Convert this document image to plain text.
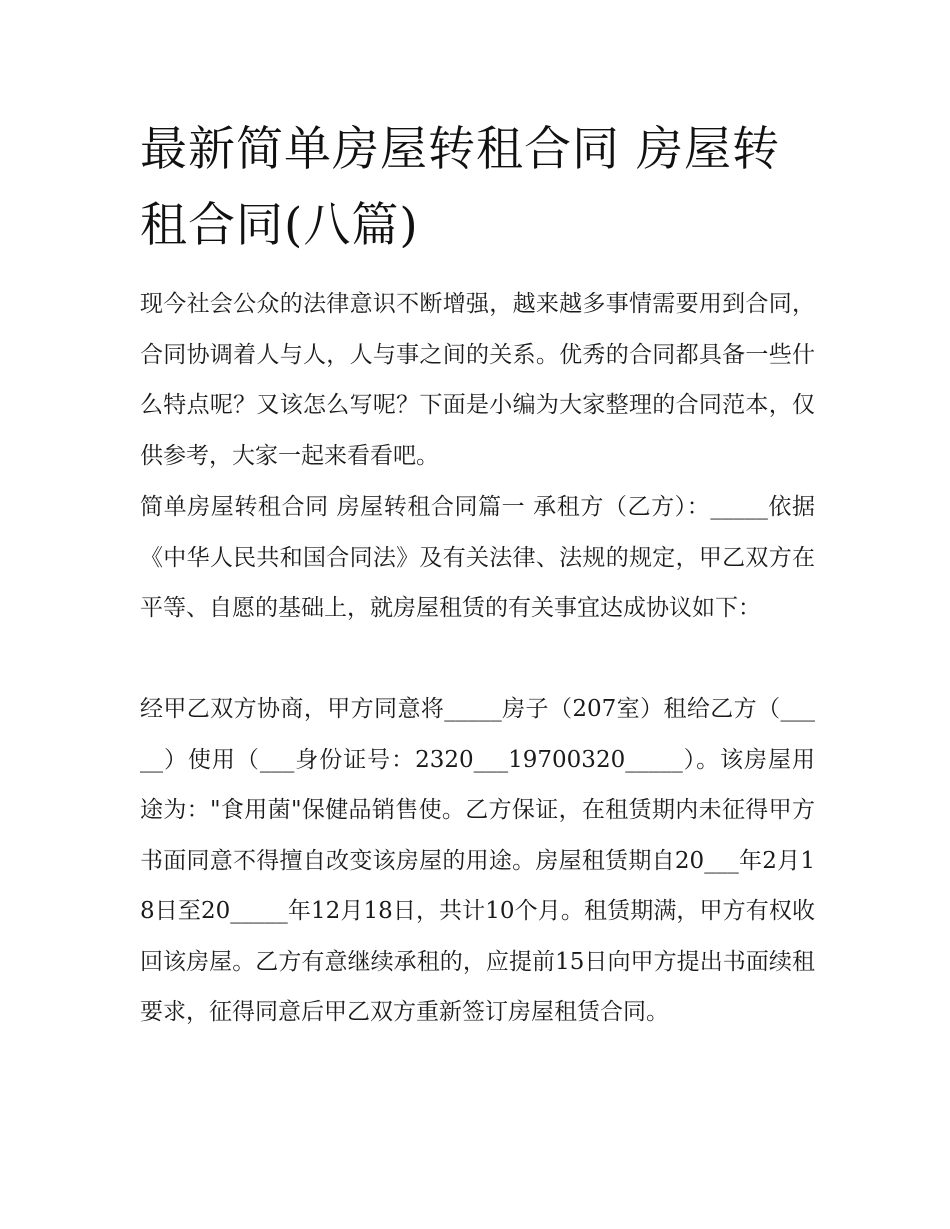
最新简单房屋转租合同 房屋转租合同(八篇)

现今社会公众的法律意识不断增强，越来越多事情需要用到合同，合同协调着人与人，人与事之间的关系。优秀的合同都具备一些什么特点呢？又该怎么写呢？下面是小编为大家整理的合同范本，仅供参考，大家一起来看看吧。

简单房屋转租合同 房屋转租合同篇一 承租方（乙方）：_____依据《中华人民共和国合同法》及有关法律、法规的规定，甲乙双方在平等、自愿的基础上，就房屋租赁的有关事宜达成协议如下：

经甲乙双方协商，甲方同意将_____房子（207室）租给乙方（_____）使用（___身份证号：2320___19700320_____）。该房屋用途为："食用菌"保健品销售使。乙方保证，在租赁期内未征得甲方书面同意不得擅自改变该房屋的用途。房屋租赁期自20___年2月18日至20_____年12月18日，共计10个月。租赁期满，甲方有权收回该房屋。乙方有意继续承租的，应提前15日向甲方提出书面续租要求，征得同意后甲乙双方重新签订房屋租赁合同。
